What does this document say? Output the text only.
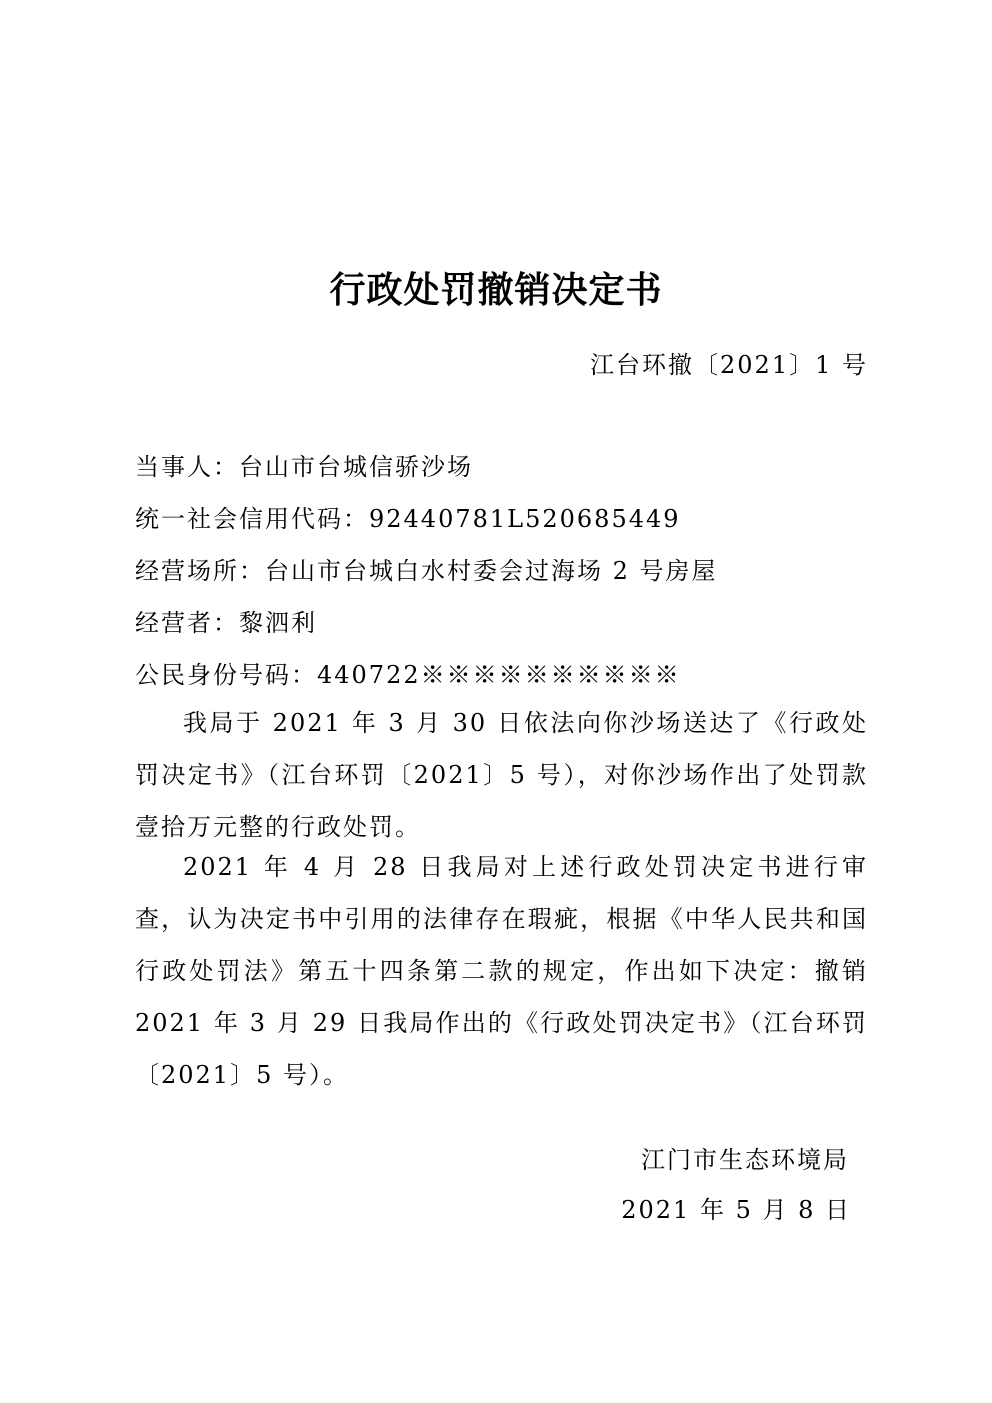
行政处罚撤销决定书
江台环撤〔2021〕1 号
当事人：台山市台城信骄沙场
统一社会信用代码：92440781L520685449
经营场所：台山市台城白水村委会过海场 2 号房屋
经营者：黎泗利
公民身份号码：440722※※※※※※※※※※

我局于 2021 年 3 月 30 日依法向你沙场送达了《行政处罚决定书》（江台环罚〔2021〕5 号），对你沙场作出了处罚款壹拾万元整的行政处罚。

2021 年 4 月 28 日我局对上述行政处罚决定书进行审查，认为决定书中引用的法律存在瑕疵，根据《中华人民共和国行政处罚法》第五十四条第二款的规定，作出如下决定：撤销 2021 年 3 月 29 日我局作出的《行政处罚决定书》（江台环罚〔2021〕5 号）。

江门市生态环境局
2021 年 5 月 8 日
